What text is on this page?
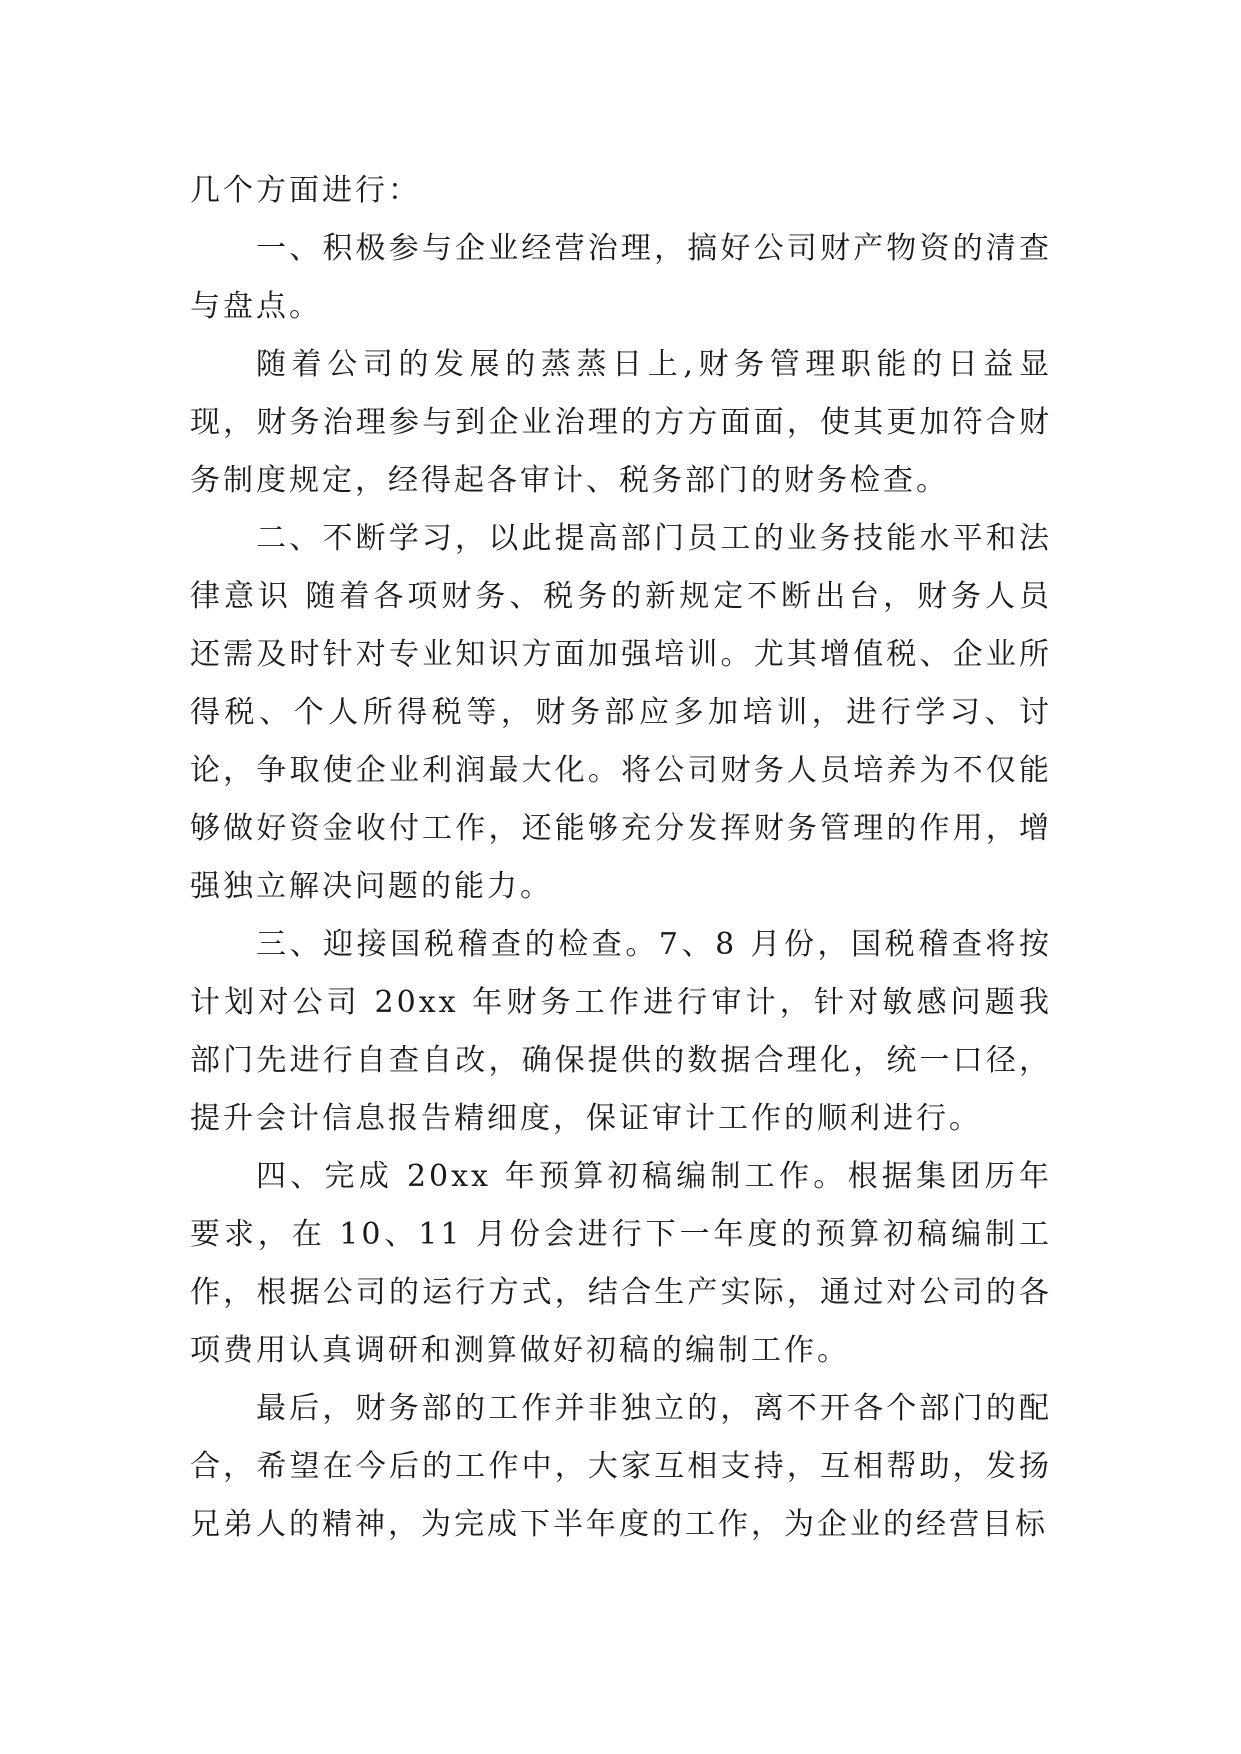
几个方面进行：

一、积极参与企业经营治理，搞好公司财产物资的清查与盘点。

随着公司的发展的蒸蒸日上,财务管理职能的日益显现，财务治理参与到企业治理的方方面面，使其更加符合财务制度规定，经得起各审计、税务部门的财务检查。

二、不断学习，以此提高部门员工的业务技能水平和法律意识 随着各项财务、税务的新规定不断出台，财务人员还需及时针对专业知识方面加强培训。尤其增值税、企业所得税、个人所得税等，财务部应多加培训，进行学习、讨论，争取使企业利润最大化。将公司财务人员培养为不仅能够做好资金收付工作，还能够充分发挥财务管理的作用，增强独立解决问题的能力。

三、迎接国税稽查的检查。7、8 月份，国税稽查将按计划对公司 20xx 年财务工作进行审计，针对敏感问题我部门先进行自查自改，确保提供的数据合理化，统一口径，提升会计信息报告精细度，保证审计工作的顺利进行。

四、完成 20xx 年预算初稿编制工作。根据集团历年要求，在 10、11 月份会进行下一年度的预算初稿编制工作，根据公司的运行方式，结合生产实际，通过对公司的各项费用认真调研和测算做好初稿的编制工作。

最后，财务部的工作并非独立的，离不开各个部门的配合，希望在今后的工作中，大家互相支持，互相帮助，发扬兄弟人的精神，为完成下半年度的工作，为企业的经营目标
